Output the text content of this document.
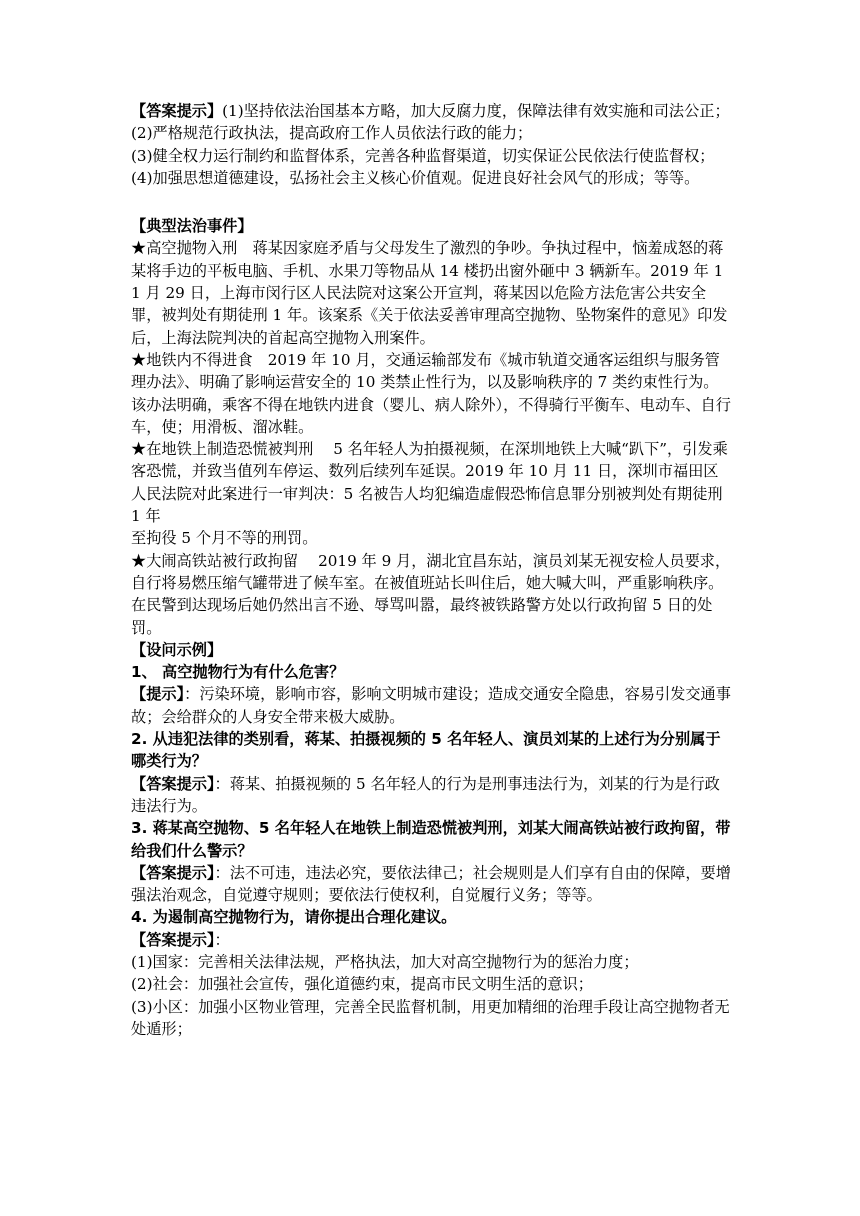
【答案提示】(1)坚持依法治国基本方略，加大反腐力度，保障法律有效实施和司法公正；(2)严格规范行政执法，提高政府工作人员依法行政的能力；

(3)健全权力运行制约和监督体系，完善各种监督渠道，切实保证公民依法行使监督权；

(4)加强思想道德建设，弘扬社会主义核心价值观。促进良好社会风气的形成；等等。

【典型法治事件】

★高空抛物入刑　蒋某因家庭矛盾与父母发生了激烈的争吵。争执过程中，恼羞成怒的蒋某将手边的平板电脑、手机、水果刀等物品从 14 楼扔出窗外砸中 3 辆新车。2019 年 11 月 29 日，上海市闵行区人民法院对这案公开宣判，蒋某因以危险方法危害公共安全罪，被判处有期徒刑 1 年。该案系《关于依法妥善审理高空抛物、坠物案件的意见》印发后，上海法院判决的首起高空抛物入刑案件。

★地铁内不得进食　2019 年 10 月，交通运输部发布《城市轨道交通客运组织与服务管理办法》、明确了影响运营安全的 10 类禁止性行为，以及影响秩序的 7 类约束性行为。该办法明确，乘客不得在地铁内进食（婴儿、病人除外），不得骑行平衡车、电动车、自行车，使；用滑板、溜冰鞋。

★在地铁上制造恐慌被判刑　 5 名年轻人为拍摄视频，在深圳地铁上大喊“趴下”，引发乘客恐慌，并致当值列车停运、数列后续列车延误。2019 年 10 月 11 日，深圳市福田区人民法院对此案进行一审判决：5 名被告人均犯编造虚假恐怖信息罪分别被判处有期徒刑 1 年

至拘役 5 个月不等的刑罚。

★大闹高铁站被行政拘留　 2019 年 9 月，湖北宜昌东站，演员刘某无视安检人员要求，自行将易燃压缩气罐带进了候车室。在被值班站长叫住后，她大喊大叫，严重影响秩序。在民警到达现场后她仍然出言不逊、辱骂叫嚣，最终被铁路警方处以行政拘留 5 日的处罚。

【设问示例】

1、 高空抛物行为有什么危害？

【提示】：污染环境，影响市容，影响文明城市建设；造成交通安全隐患，容易引发交通事故；会给群众的人身安全带来极大威胁。

2. 从违犯法律的类别看，蒋某、拍摄视频的 5 名年轻人、演员刘某的上述行为分别属于哪类行为？

【答案提示】：蒋某、拍摄视频的 5 名年轻人的行为是刑事违法行为，刘某的行为是行政违法行为。

3. 蒋某高空抛物、5 名年轻人在地铁上制造恐慌被判刑，刘某大闹高铁站被行政拘留，带给我们什么警示？

【答案提示】：法不可违，违法必究，要依法律己；社会规则是人们享有自由的保障，要增强法治观念，自觉遵守规则；要依法行使权利，自觉履行义务；等等。

4. 为遏制高空抛物行为，请你提出合理化建议。

【答案提示】：

(1)国家：完善相关法律法规，严格执法，加大对高空抛物行为的惩治力度；

(2)社会：加强社会宣传，强化道德约束，提高市民文明生活的意识；

(3)小区：加强小区物业管理，完善全民监督机制，用更加精细的治理手段让高空抛物者无处遁形；
